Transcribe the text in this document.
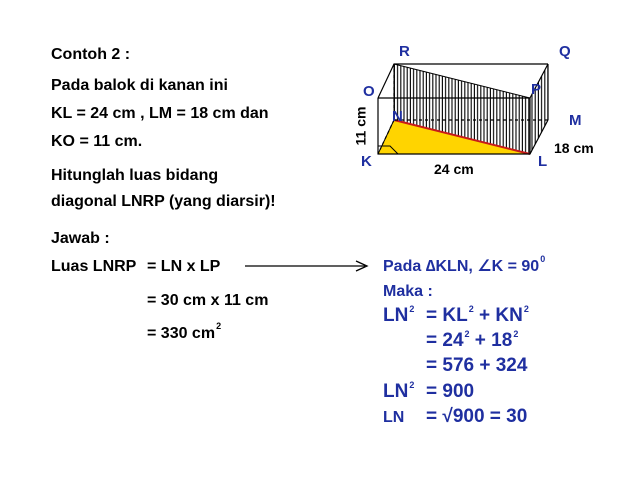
Contoh 2 :
Pada balok di kanan ini
KL = 24 cm , LM = 18 cm dan
KO = 11 cm.
Hitunglah luas bidang
diagonal LNRP (yang diarsir)!
Jawab :
Luas LNRP = LN x LP
= 30 cm x 11 cm
= 330 $cm^2$
R	Q
O	P
N	M
K	L
24 cm
18 cm
11 cm
Pada ∆KLN, ∠K = $90^0$
Maka :
$LN^2 = KL^2 + KN^2$
= $24^2 + 18^2$
= 576 + 324
$LN^2 = 900$
LN = √900 = 30
